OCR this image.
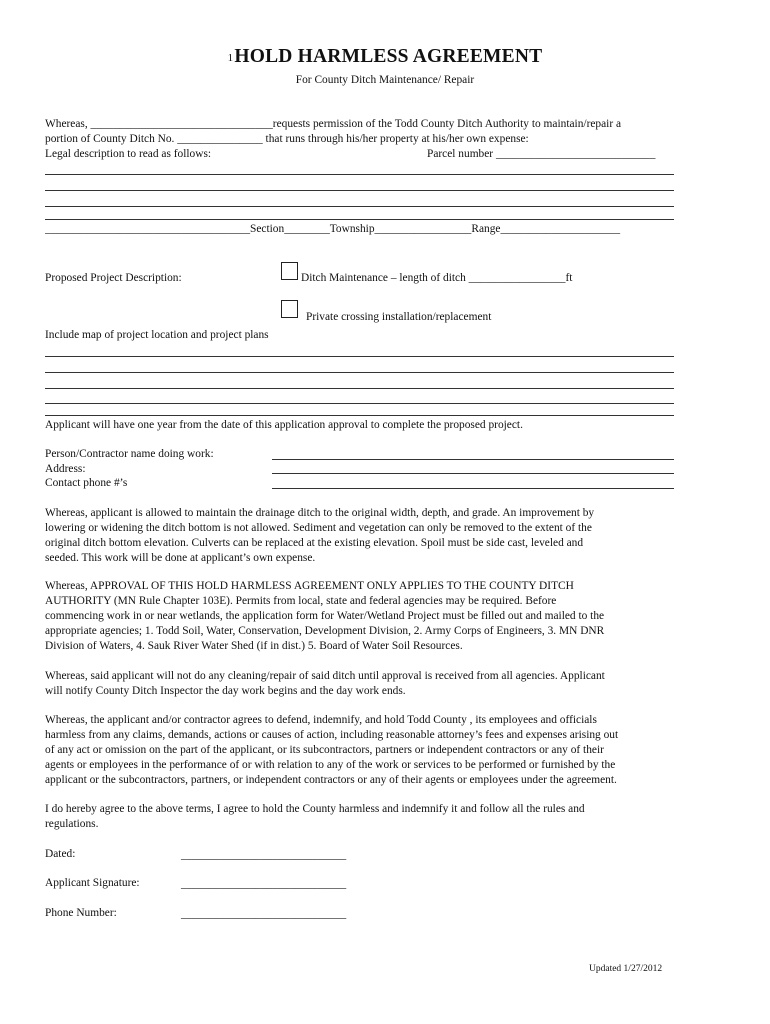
1HOLD HARMLESS AGREEMENT
For County Ditch Maintenance/ Repair
Whereas, ________________________________requests permission of the Todd County Ditch Authority to maintain/repair a
portion of County Ditch No. _______________ that runs through his/her property at his/her own expense:
Legal description to read as follows:	Parcel number ____________________________
____________________________________Section________Township_________________Range_____________________
Proposed Project Description:	Ditch Maintenance – length of ditch _________________ft
Private crossing installation/replacement
Include map of project location and project plans
Applicant will have one year from the date of this application approval to complete the proposed project.
Person/Contractor name doing work:
Address:
Contact phone #’s
Whereas, applicant is allowed to maintain the drainage ditch to the original width, depth, and grade. An improvement by
lowering or widening the ditch bottom is not allowed. Sediment and vegetation can only be removed to the extent of the
original ditch bottom elevation. Culverts can be replaced at the existing elevation. Spoil must be side cast, leveled and
seeded. This work will be done at applicant’s own expense.
Whereas, APPROVAL OF THIS HOLD HARMLESS AGREEMENT ONLY APPLIES TO THE COUNTY DITCH
AUTHORITY (MN Rule Chapter 103E). Permits from local, state and federal agencies may be required. Before
commencing work in or near wetlands, the application form for Water/Wetland Project must be filled out and mailed to the
appropriate agencies; 1. Todd Soil, Water, Conservation, Development Division, 2. Army Corps of Engineers, 3. MN DNR
Division of Waters, 4. Sauk River Water Shed (if in dist.) 5. Board of Water Soil Resources.
Whereas, said applicant will not do any cleaning/repair of said ditch until approval is received from all agencies. Applicant
will notify County Ditch Inspector the day work begins and the day work ends.
Whereas, the applicant and/or contractor agrees to defend, indemnify, and hold Todd County , its employees and officials
harmless from any claims, demands, actions or causes of action, including reasonable attorney’s fees and expenses arising out
of any act or omission on the part of the applicant, or its subcontractors, partners or independent contractors or any of their
agents or employees in the performance of or with relation to any of the work or services to be performed or furnished by the
applicant or the subcontractors, partners, or independent contractors or any of their agents or employees under the agreement.
I do hereby agree to the above terms, I agree to hold the County harmless and indemnify it and follow all the rules and
regulations.
Dated:	_____________________________
Applicant Signature:	_____________________________
Phone Number:	_____________________________
Updated 1/27/2012
